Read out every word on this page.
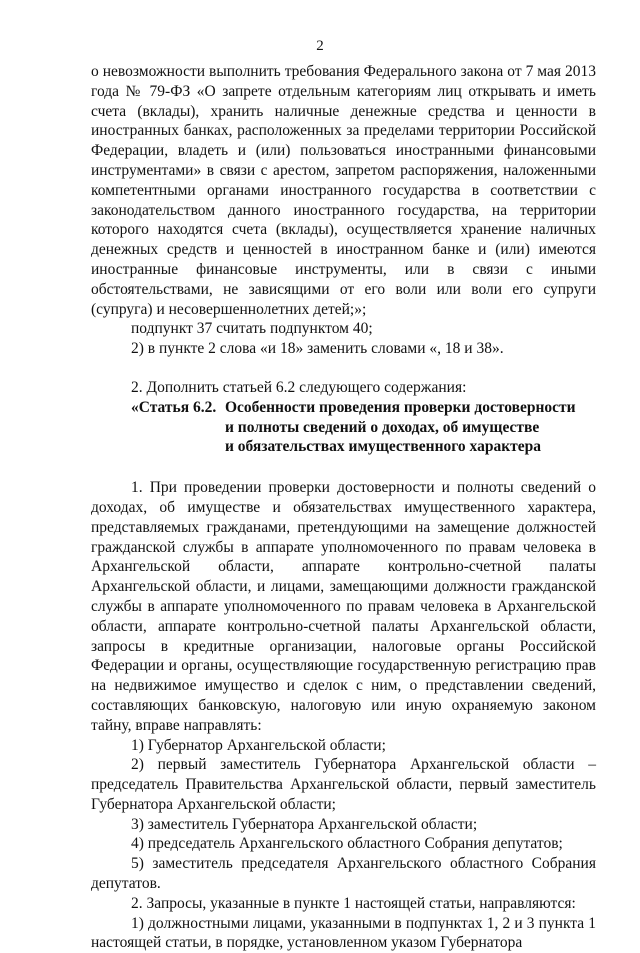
2

о невозможности выполнить требования Федерального закона от 7 мая 2013 года № 79-ФЗ «О запрете отдельным категориям лиц открывать и иметь счета (вклады), хранить наличные денежные средства и ценности в иностранных банках, расположенных за пределами территории Российской Федерации, владеть и (или) пользоваться иностранными финансовыми инструментами» в связи с арестом, запретом распоряжения, наложенными компетентными органами иностранного государства в соответствии с законодательством данного иностранного государства, на территории которого находятся счета (вклады), осуществляется хранение наличных денежных средств и ценностей в иностранном банке и (или) имеются иностранные финансовые инструменты, или в связи с иными обстоятельствами, не зависящими от его воли или воли его супруги (супруга) и несовершеннолетних детей;»;

подпункт 37 считать подпунктом 40;

2) в пункте 2 слова «и 18» заменить словами «, 18 и 38».

2. Дополнить статьей 6.2 следующего содержания:

«Статья 6.2. Особенности проведения проверки достоверности
и полноты сведений о доходах, об имуществе
и обязательствах имущественного характера

1. При проведении проверки достоверности и полноты сведений о доходах, об имуществе и обязательствах имущественного характера, представляемых гражданами, претендующими на замещение должностей гражданской службы в аппарате уполномоченного по правам человека в Архангельской области, аппарате контрольно-счетной палаты Архангельской области, и лицами, замещающими должности гражданской службы в аппарате уполномоченного по правам человека в Архангельской области, аппарате контрольно-счетной палаты Архангельской области, запросы в кредитные организации, налоговые органы Российской Федерации и органы, осуществляющие государственную регистрацию прав на недвижимое имущество и сделок с ним, о представлении сведений, составляющих банковскую, налоговую или иную охраняемую законом тайну, вправе направлять:

1) Губернатор Архангельской области;

2) первый заместитель Губернатора Архангельской области – председатель Правительства Архангельской области, первый заместитель Губернатора Архангельской области;

3) заместитель Губернатора Архангельской области;

4) председатель Архангельского областного Собрания депутатов;

5) заместитель председателя Архангельского областного Собрания депутатов.

2. Запросы, указанные в пункте 1 настоящей статьи, направляются:

1) должностными лицами, указанными в подпунктах 1, 2 и 3 пункта 1 настоящей статьи, в порядке, установленном указом Губернатора
